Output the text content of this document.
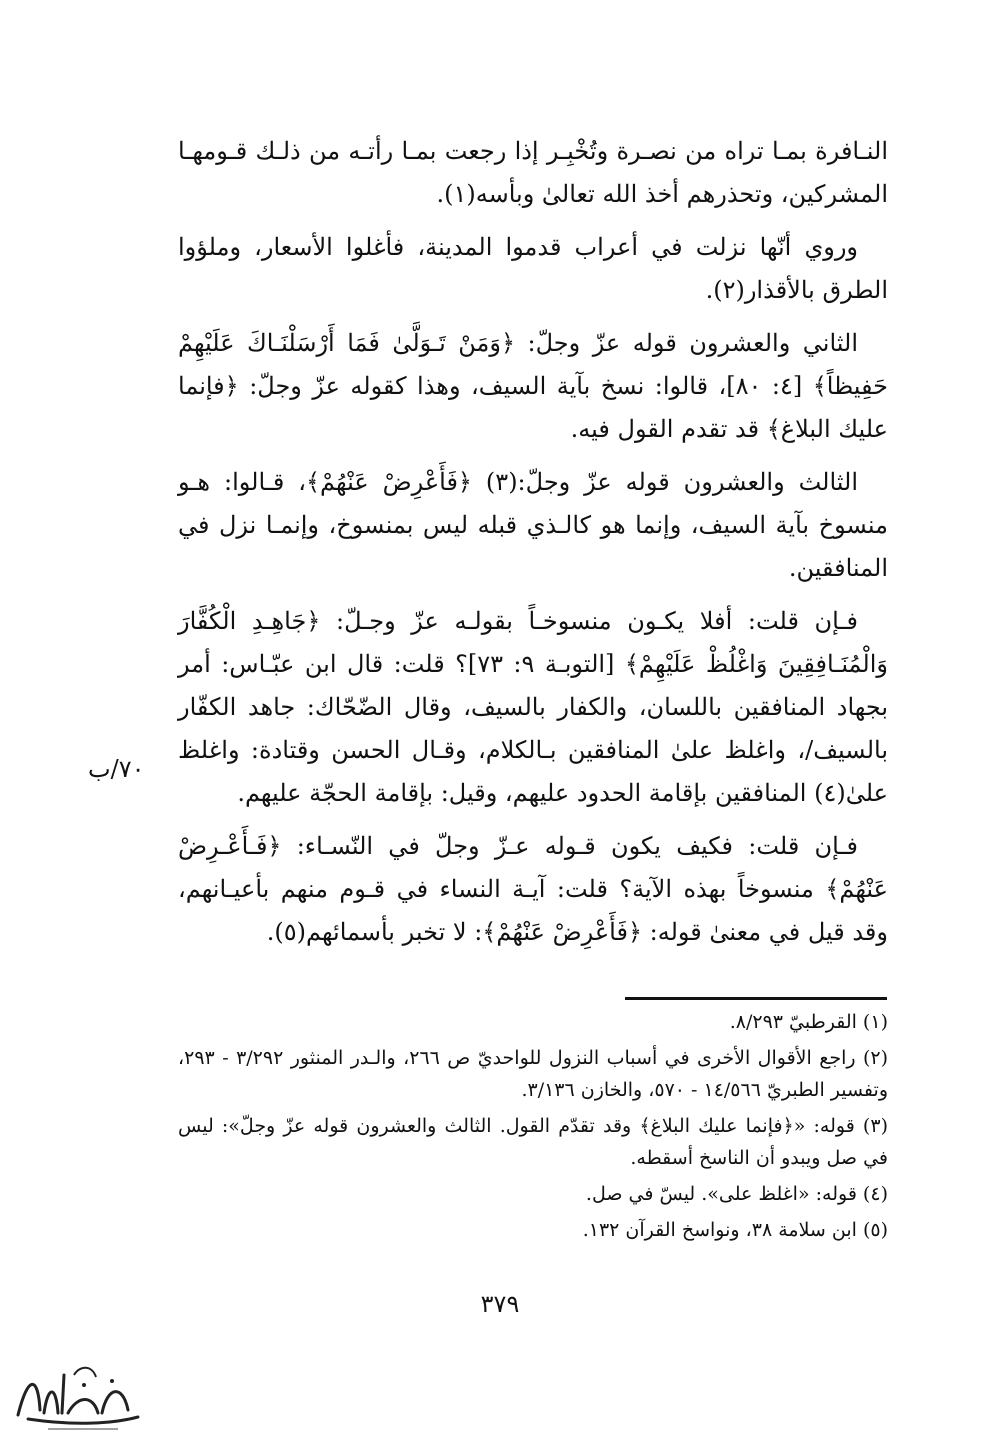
النـافرة بمـا تراه من نصـرة وتُخْبِـر إذا رجعت بمـا رأتـه من ذلـك قـومهـا المشركين، وتحذرهم أخذ الله تعالىٰ وبأسه(١).

وروي أنّها نزلت في أعراب قدموا المدينة، فأغلوا الأسعار، وملؤوا الطرق بالأقذار(٢).

الثاني والعشرون قوله عزّ وجلّ: ﴿وَمَنْ تَـوَلَّىٰ فَمَا أَرْسَلْنَـاكَ عَلَيْهِمْ حَفِيظاً﴾ [٤: ٨٠]، قالوا: نسخ بآية السيف، وهذا كقوله عزّ وجلّ: ﴿فإنما عليك البلاغ﴾ قد تقدم القول فيه.

الثالث والعشرون قوله عزّ وجلّ:(٣) ﴿فَأَعْرِضْ عَنْهُمْ﴾، قـالوا: هـو منسوخ بآية السيف، وإنما هو كالـذي قبله ليس بمنسوخ، وإنمـا نزل في المنافقين.

فـإن قلت: أفلا يكـون منسوخـاً بقولـه عزّ وجـلّ: ﴿جَاهِـدِ الْكُفَّارَ وَالْمُنَـافِقِينَ وَاغْلُظْ عَلَيْهِمْ﴾ [التوبـة ٩: ٧٣]؟ قلت: قال ابن عبّـاس: أمر بجهاد المنافقين باللسان، والكفار بالسيف، وقال الضّحّاك: جاهد الكفّار بالسيف/، واغلظ علىٰ المنافقين بـالكلام، وقـال الحسن وقتادة: واغلظ علىٰ(٤) المنافقين بإقامة الحدود عليهم، وقيل: بإقامة الحجّة عليهم.

فـإن قلت: فكيف يكون قـوله عـزّ وجلّ في النّسـاء: ﴿فَـأَعْـرِضْ عَنْهُمْ﴾ منسوخاً بهذه الآية؟ قلت: آيـة النساء في قـوم منهم بأعيـانهم، وقد قيل في معنىٰ قوله: ﴿فَأَعْرِضْ عَنْهُمْ﴾: لا تخبر بأسمائهم(٥).

٧٠/ب

(١) القرطبيّ ٨/٢٩٣.

(٢) راجع الأقوال الأخرى في أسباب النزول للواحديّ ص ٢٦٦، والـدر المنثور ٣/٢٩٢ - ٢٩٣، وتفسير الطبريّ ١٤/٥٦٦ - ٥٧٠، والخازن ٣/١٣٦.

(٣) قوله: «﴿فإنما عليك البلاغ﴾ وقد تقدّم القول. الثالث والعشرون قوله عزّ وجلّ»: ليس في صل ويبدو أن الناسخ أسقطه.

(٤) قوله: «اغلظ على». ليسّ في صل.

(٥) ابن سلامة ٣٨، ونواسخ القرآن ١٣٢.

٣٧٩
